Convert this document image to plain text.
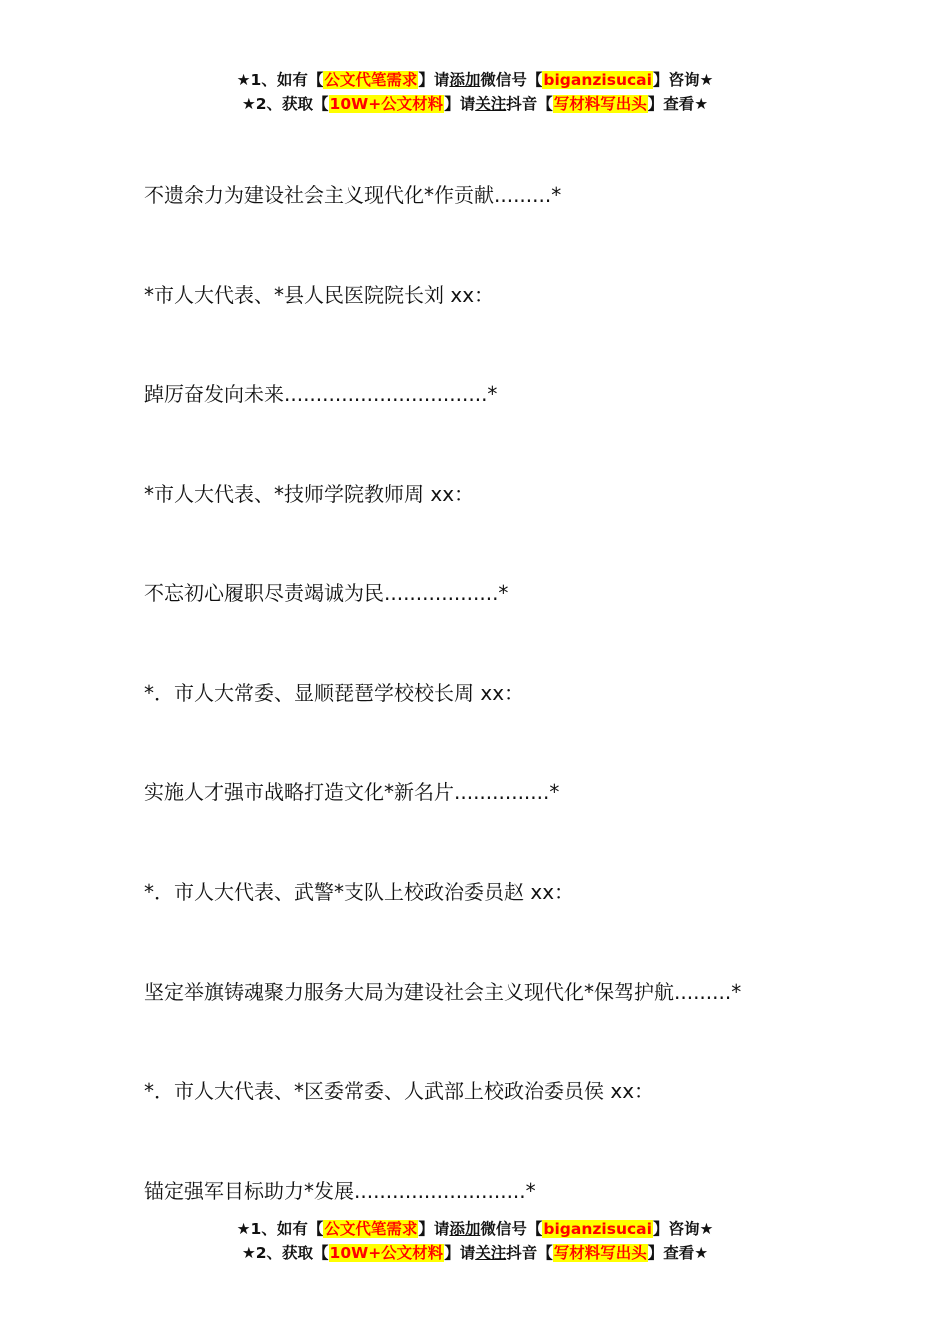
★1、如有【公文代笔需求】请添加微信号【biganzisucai】咨询★
★2、获取【10W+公文材料】请关注抖音【写材料写出头】查看★
不遗余力为建设社会主义现代化*作贡献.........*
*市人大代表、*县人民医院院长刘 xx：
踔厉奋发向未来................................*
*市人大代表、*技师学院教师周 xx：
不忘初心履职尽责竭诚为民..................*
*．市人大常委、显顺琵琶学校校长周 xx：
实施人才强市战略打造文化*新名片...............*
*．市人大代表、武警*支队上校政治委员赵 xx：
坚定举旗铸魂聚力服务大局为建设社会主义现代化*保驾护航.........*
*．市人大代表、*区委常委、人武部上校政治委员侯 xx：
锚定强军目标助力*发展...........................*
★1、如有【公文代笔需求】请添加微信号【biganzisucai】咨询★
★2、获取【10W+公文材料】请关注抖音【写材料写出头】查看★
